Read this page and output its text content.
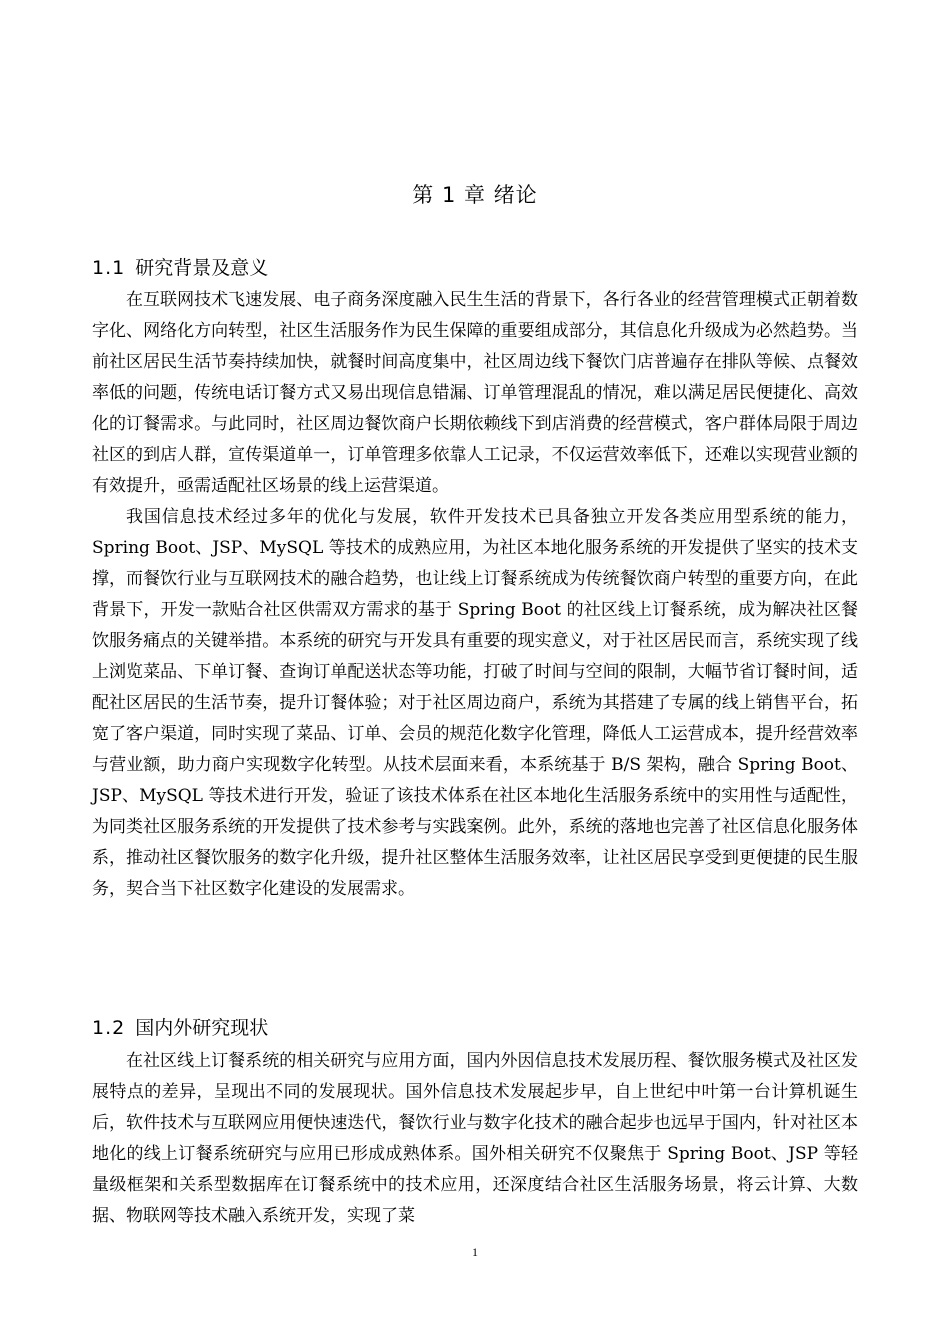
第 1 章 绪论
1.1 研究背景及意义

在互联网技术飞速发展、电子商务深度融入民生生活的背景下，各行各业的经营管理模式正朝着数字化、网络化方向转型，社区生活服务作为民生保障的重要组成部分，其信息化升级成为必然趋势。当前社区居民生活节奏持续加快，就餐时间高度集中，社区周边线下餐饮门店普遍存在排队等候、点餐效率低的问题，传统电话订餐方式又易出现信息错漏、订单管理混乱的情况，难以满足居民便捷化、高效化的订餐需求。与此同时，社区周边餐饮商户长期依赖线下到店消费的经营模式，客户群体局限于周边社区的到店人群，宣传渠道单一，订单管理多依靠人工记录，不仅运营效率低下，还难以实现营业额的有效提升，亟需适配社区场景的线上运营渠道。

我国信息技术经过多年的优化与发展，软件开发技术已具备独立开发各类应用型系统的能力，Spring Boot、JSP、MySQL 等技术的成熟应用，为社区本地化服务系统的开发提供了坚实的技术支撑，而餐饮行业与互联网技术的融合趋势，也让线上订餐系统成为传统餐饮商户转型的重要方向，在此背景下，开发一款贴合社区供需双方需求的基于 Spring Boot 的社区线上订餐系统，成为解决社区餐饮服务痛点的关键举措。本系统的研究与开发具有重要的现实意义，对于社区居民而言，系统实现了线上浏览菜品、下单订餐、查询订单配送状态等功能，打破了时间与空间的限制，大幅节省订餐时间，适配社区居民的生活节奏，提升订餐体验；对于社区周边商户，系统为其搭建了专属的线上销售平台，拓宽了客户渠道，同时实现了菜品、订单、会员的规范化数字化管理，降低人工运营成本，提升经营效率与营业额，助力商户实现数字化转型。从技术层面来看，本系统基于 B/S 架构，融合 Spring Boot、JSP、MySQL 等技术进行开发，验证了该技术体系在社区本地化生活服务系统中的实用性与适配性，为同类社区服务系统的开发提供了技术参考与实践案例。此外，系统的落地也完善了社区信息化服务体系，推动社区餐饮服务的数字化升级，提升社区整体生活服务效率，让社区居民享受到更便捷的民生服务，契合当下社区数字化建设的发展需求。

1.2 国内外研究现状

在社区线上订餐系统的相关研究与应用方面，国内外因信息技术发展历程、餐饮服务模式及社区发展特点的差异，呈现出不同的发展现状。国外信息技术发展起步早，自上世纪中叶第一台计算机诞生后，软件技术与互联网应用便快速迭代，餐饮行业与数字化技术的融合起步也远早于国内，针对社区本地化的线上订餐系统研究与应用已形成成熟体系。国外相关研究不仅聚焦于 Spring Boot、JSP 等轻量级框架和关系型数据库在订餐系统中的技术应用，还深度结合社区生活服务场景，将云计算、大数据、物联网等技术融入系统开发，实现了菜

1
